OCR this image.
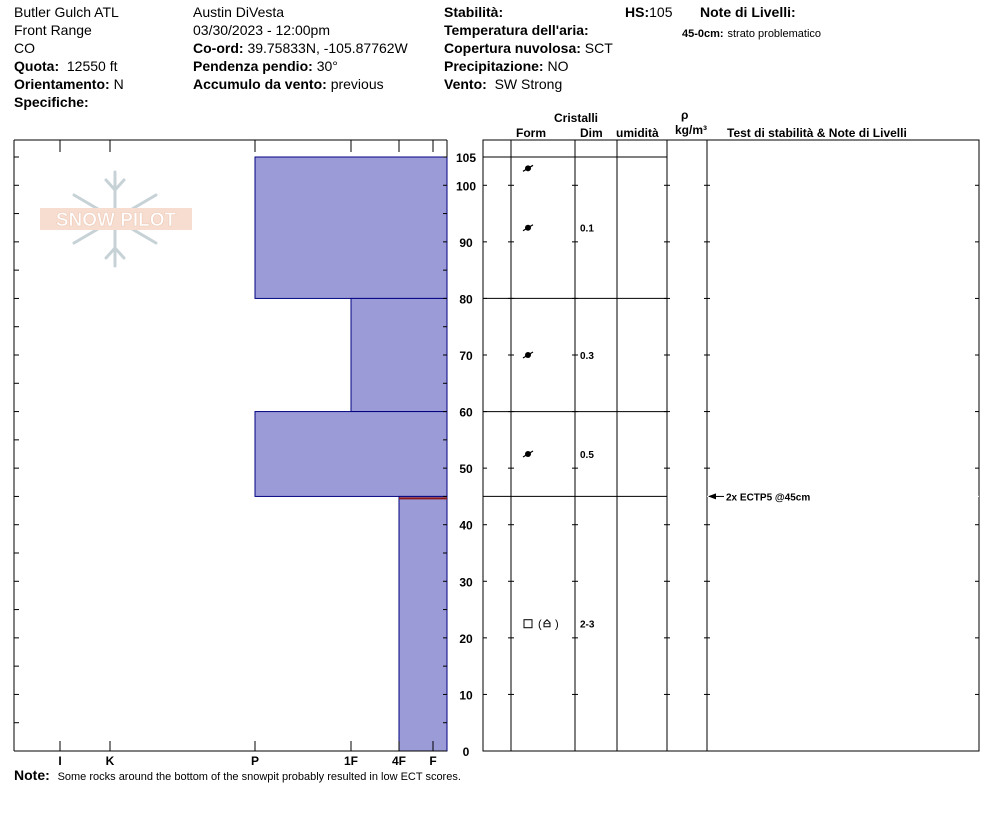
Butler Gulch ATL
Front Range
CO
Quota: 12550 ft
Orientamento: N
Specifiche:
Austin DiVesta
03/30/2023 - 12:00pm
Co-ord: 39.75833N, -105.87762W
Pendenza pendio: 30°
Accumulo da vento: previous
Stabilità:
Temperatura dell'aria:
Copertura nuvolosa: SCT
Precipitazione: NO
Vento: SW Strong
HS:105 Note di Livelli:
45-0cm: strato problematico
Cristalli
Form	Dim umidità
ρ
kg/m³ Test di stabilità & Note di Livelli
Note: Some rocks around the bottom of the snowpit probably resulted in low ECT scores.
SNOW PILOT
0
10
20
30
40
50
60
70
80
90
100
105
I	K	P	1F	4F F
0.1
0.3
0.5
( ) 2-3
2x ECTP5 @45cm
